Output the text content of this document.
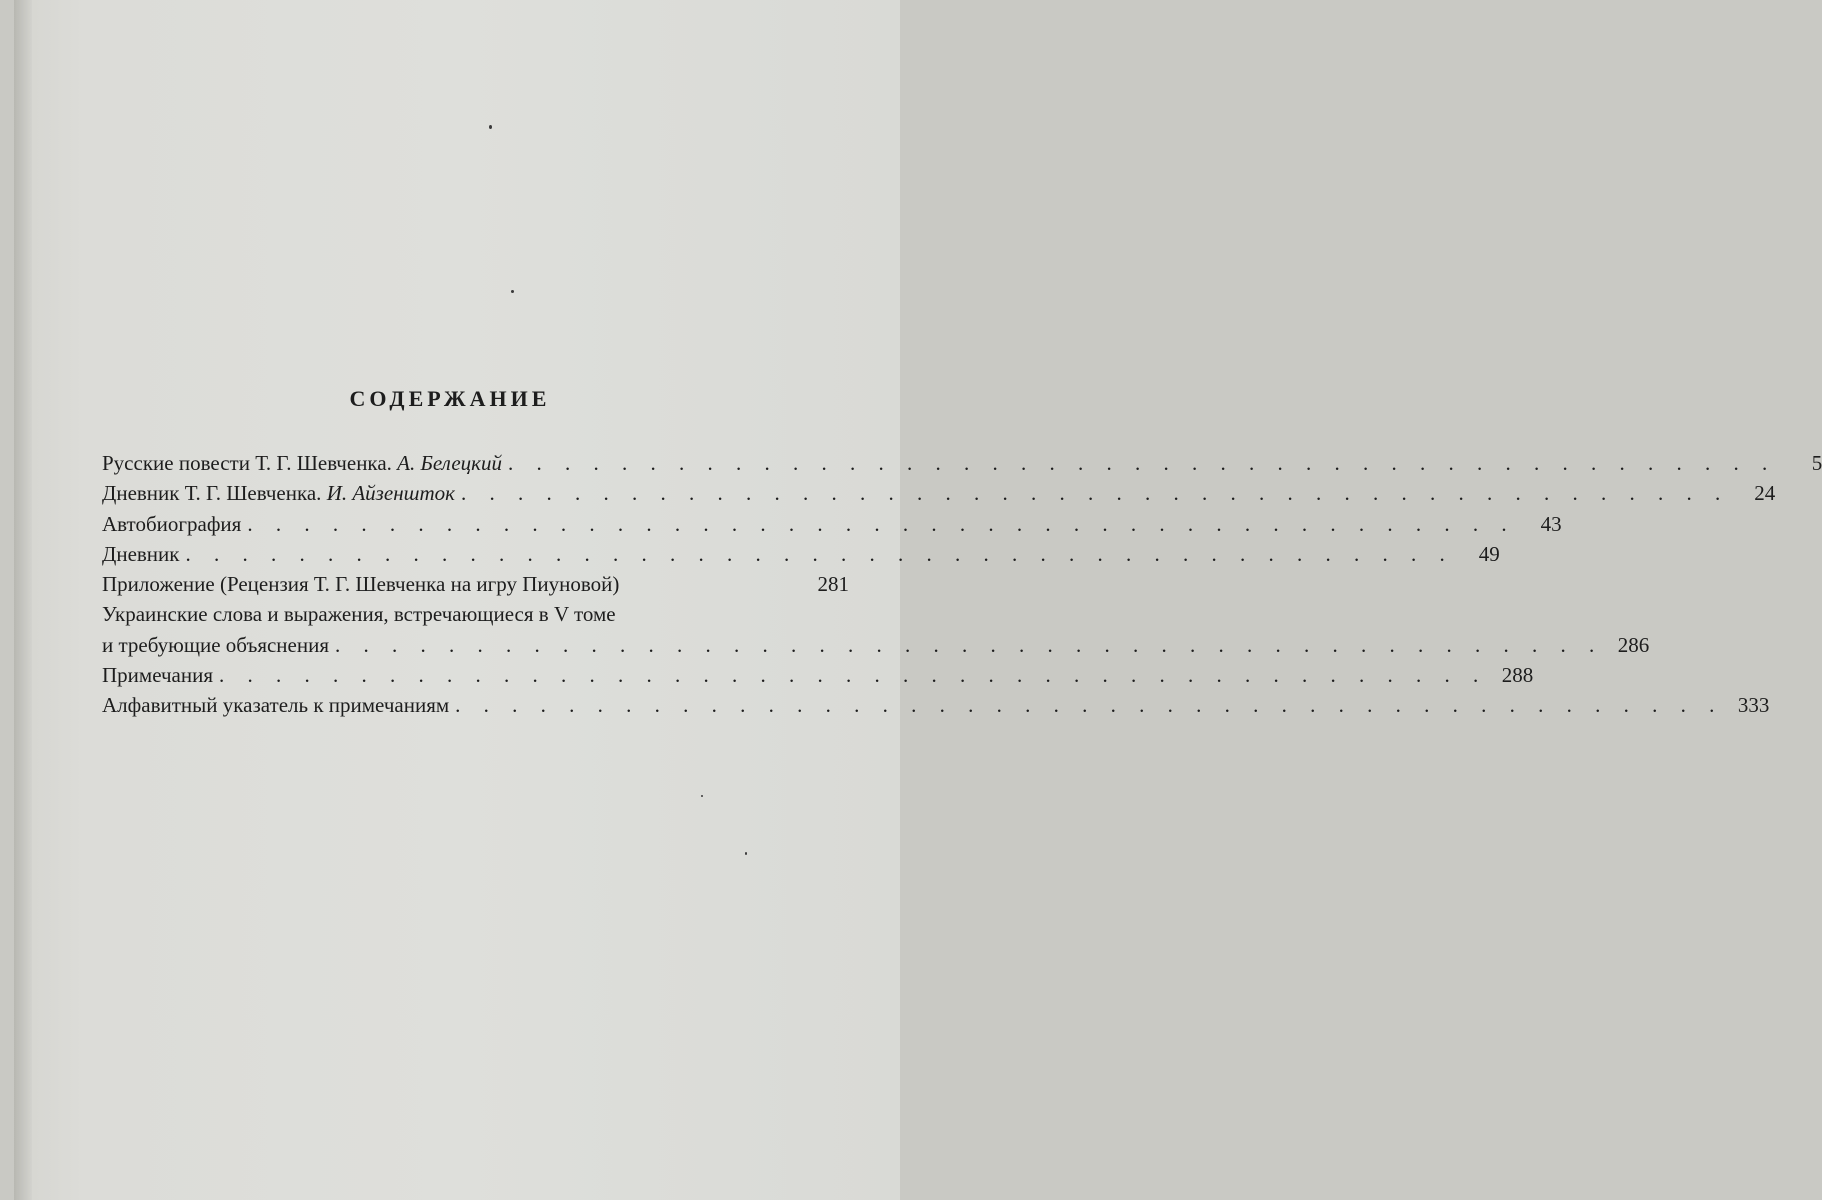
СОДЕРЖАНИЕ
Русские повести Т. Г. Шевченка. А. Белецкий . . . . . . . . . . . . . . . . . . . . . . . . . . . . . . . . . . . . . . . . . . . . .	5
Дневник Т. Г. Шевченка. И. Айзеншток . . . . . . . . . . . . . . . . . . . . . . . . . . . . . . . . . . . . . . . . . . . . .	24
Автобиография . . . . . . . . . . . . . . . . . . . . . . . . . . . . . . . . . . . . . . . . . . . . .	43
Дневник . . . . . . . . . . . . . . . . . . . . . . . . . . . . . . . . . . . . . . . . . . . . .	49
Приложение (Рецензия Т. Г. Шевченка на игру Пиуновой)	281
Украинские слова и выражения, встречающиеся в V томе
и требующие объяснения . . . . . . . . . . . . . . . . . . . . . . . . . . . . . . . . . . . . . . . . . . . . . 286
Примечания . . . . . . . . . . . . . . . . . . . . . . . . . . . . . . . . . . . . . . . . . . . . . 288
Алфавитный указатель к примечаниям . . . . . . . . . . . . . . . . . . . . . . . . . . . . . . . . . . . . . . . . . . . . . 333
